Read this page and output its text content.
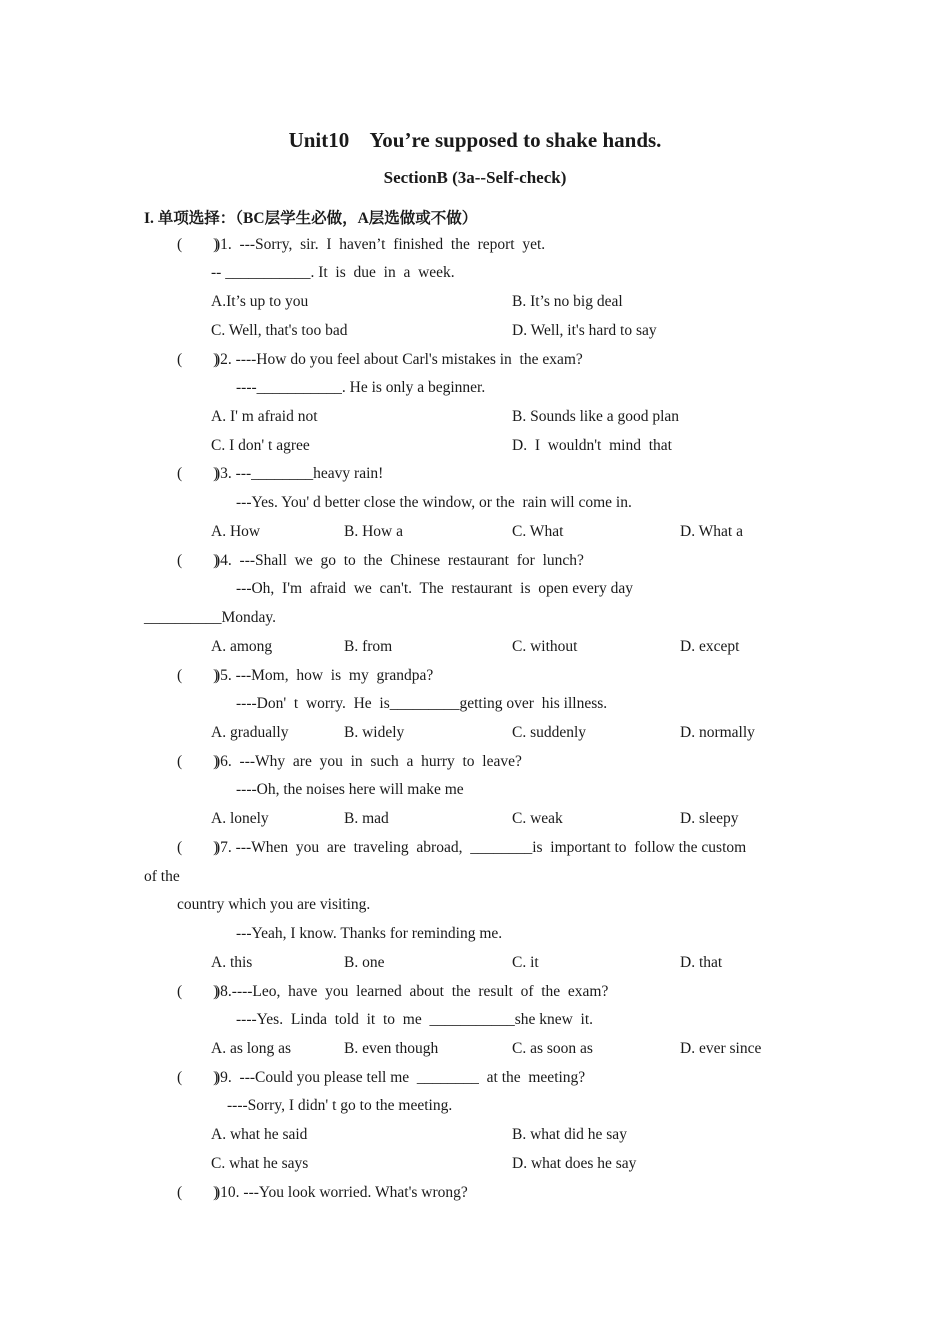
Unit10    You’re supposed to shake hands.
SectionB (3a--Self-check)
I. 单项选择：（BC层学生必做，A层选做或不做）
(        )
)1.  ---Sorry,  sir.  I  haven’t  finished  the  report  yet.
-- ___________. It  is  due  in  a  week.
A.It’s up to you	B. It’s no big deal
C. Well, that's too bad	D. Well, it's hard to say
(        )
)2. ----How do you feel about Carl's mistakes in  the exam?
----___________. He is only a beginner.
A. I' m afraid not	B. Sounds like a good plan
C. I don' t agree	D.  I  wouldn't  mind  that
(        )
)3. ---________heavy rain!
---Yes. You' d better close the window, or the  rain will come in.
A. How	B. How a	C. What	D. What a
(        )
)4.  ---Shall  we  go  to  the  Chinese  restaurant  for  lunch?
---Oh,  I'm  afraid  we  can't.  The  restaurant  is  open every day
__________Monday.
A. among	B. from	C. without	D. except
(        )
)5. ---Mom,  how  is  my  grandpa?
----Don'  t  worry.  He  is_________getting over  his illness.
A. gradually	B. widely	C. suddenly	D. normally
(        )
)6.  ---Why  are  you  in  such  a  hurry  to  leave?
----Oh, the noises here will make me
A. lonely	B. mad	C. weak	D. sleepy
(        )
)7. ---When  you  are  traveling  abroad,  ________is  important to  follow the custom
of the
country which you are visiting.
---Yeah, I know. Thanks for reminding me.
A. this	B. one	C. it	D. that
(        )
)8.----Leo,  have  you  learned  about  the  result  of  the  exam?
----Yes.  Linda  told  it  to  me  ___________she knew  it.
A. as long as	B. even though	C. as soon as	D. ever since
(        )
)9.  ---Could you please tell me  ________  at the  meeting?
----Sorry, I didn' t go to the meeting.
A. what he said	B. what did he say
C. what he says	D. what does he say
(        )
)10. ---You look worried. What's wrong?
